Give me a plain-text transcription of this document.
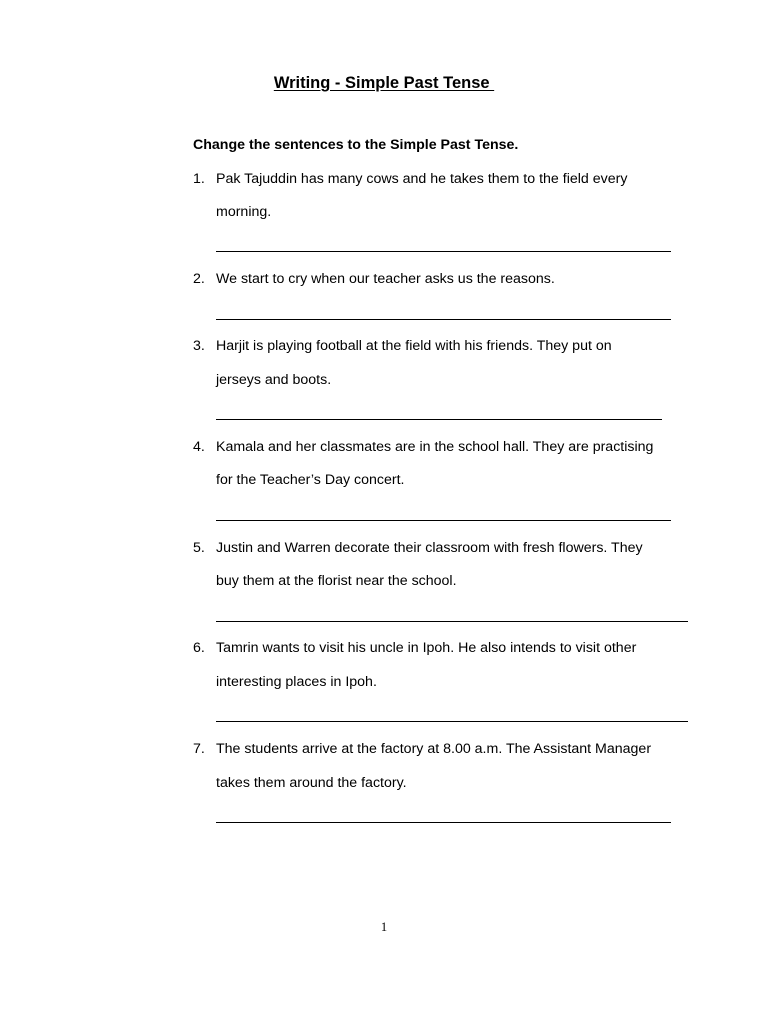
Writing - Simple Past Tense
Change the sentences to the Simple Past Tense.
1. Pak Tajuddin has many cows and he takes them to the field every
morning.
2. We start to cry when our teacher asks us the reasons.
3. Harjit is playing football at the field with his friends. They put on
jerseys and boots.
4. Kamala and her classmates are in the school hall. They are practising
for the Teacher’s Day concert.
5. Justin and Warren decorate their classroom with fresh flowers. They
buy them at the florist near the school.
6. Tamrin wants to visit his uncle in Ipoh. He also intends to visit other
interesting places in Ipoh.
7. The students arrive at the factory at 8.00 a.m. The Assistant Manager
takes them around the factory.
1
